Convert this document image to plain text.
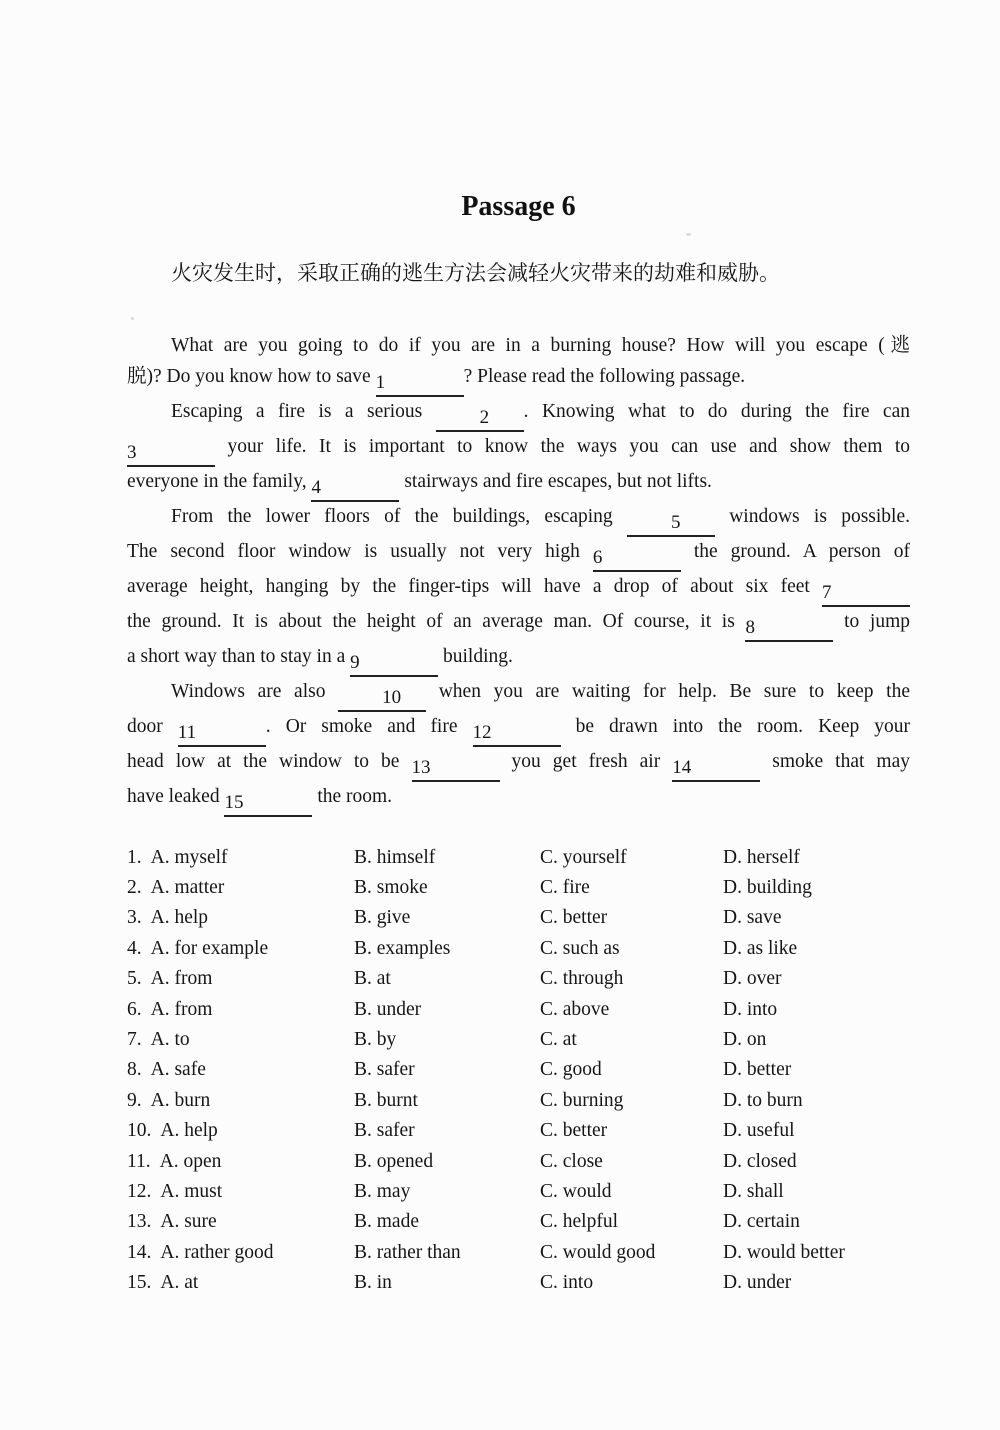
Passage 6

火灾发生时，采取正确的逃生方法会减轻火灾带来的劫难和威胁。

What are you going to do if you are in a burning house? How will you escape (逃
脱)? Do you know how to save 1	? Please read the following passage.
Escaping a fire is a serious 2 . Knowing what to do during the fire can
3	your life. It is important to know the ways you can use and show them to
everyone in the family, 4	stairways and fire escapes, but not lifts.
From the lower floors of the buildings, escaping 5 windows is possible.
The second floor window is usually not very high 6	the ground. A person of
average height, hanging by the finger-tips will have a drop of about six feet 7
the ground. It is about the height of an average man. Of course, it is 8	to jump
a short way than to stay in a 9	building.
Windows are also 10 when you are waiting for help. Be sure to keep the
door 11	. Or smoke and fire 12	be drawn into the room. Keep your
head low at the window to be 13	you get fresh air 14	smoke that may
have leaked 15	the room.
1. A. myself	B. himself	C. yourself	D. herself
2. A. matter	B. smoke	C. fire	D. building
3. A. help	B. give	C. better	D. save
4. A. for example	B. examples	C. such as	D. as like
5. A. from	B. at	C. through	D. over
6. A. from	B. under	C. above	D. into
7. A. to	B. by	C. at	D. on
8. A. safe	B. safer	C. good	D. better
9. A. burn	B. burnt	C. burning	D. to burn
10. A. help	B. safer	C. better	D. useful
11. A. open	B. opened	C. close	D. closed
12. A. must	B. may	C. would	D. shall
13. A. sure	B. made	C. helpful	D. certain
14. A. rather good	B. rather than	C. would good	D. would better
15. A. at	B. in	C. into	D. under
